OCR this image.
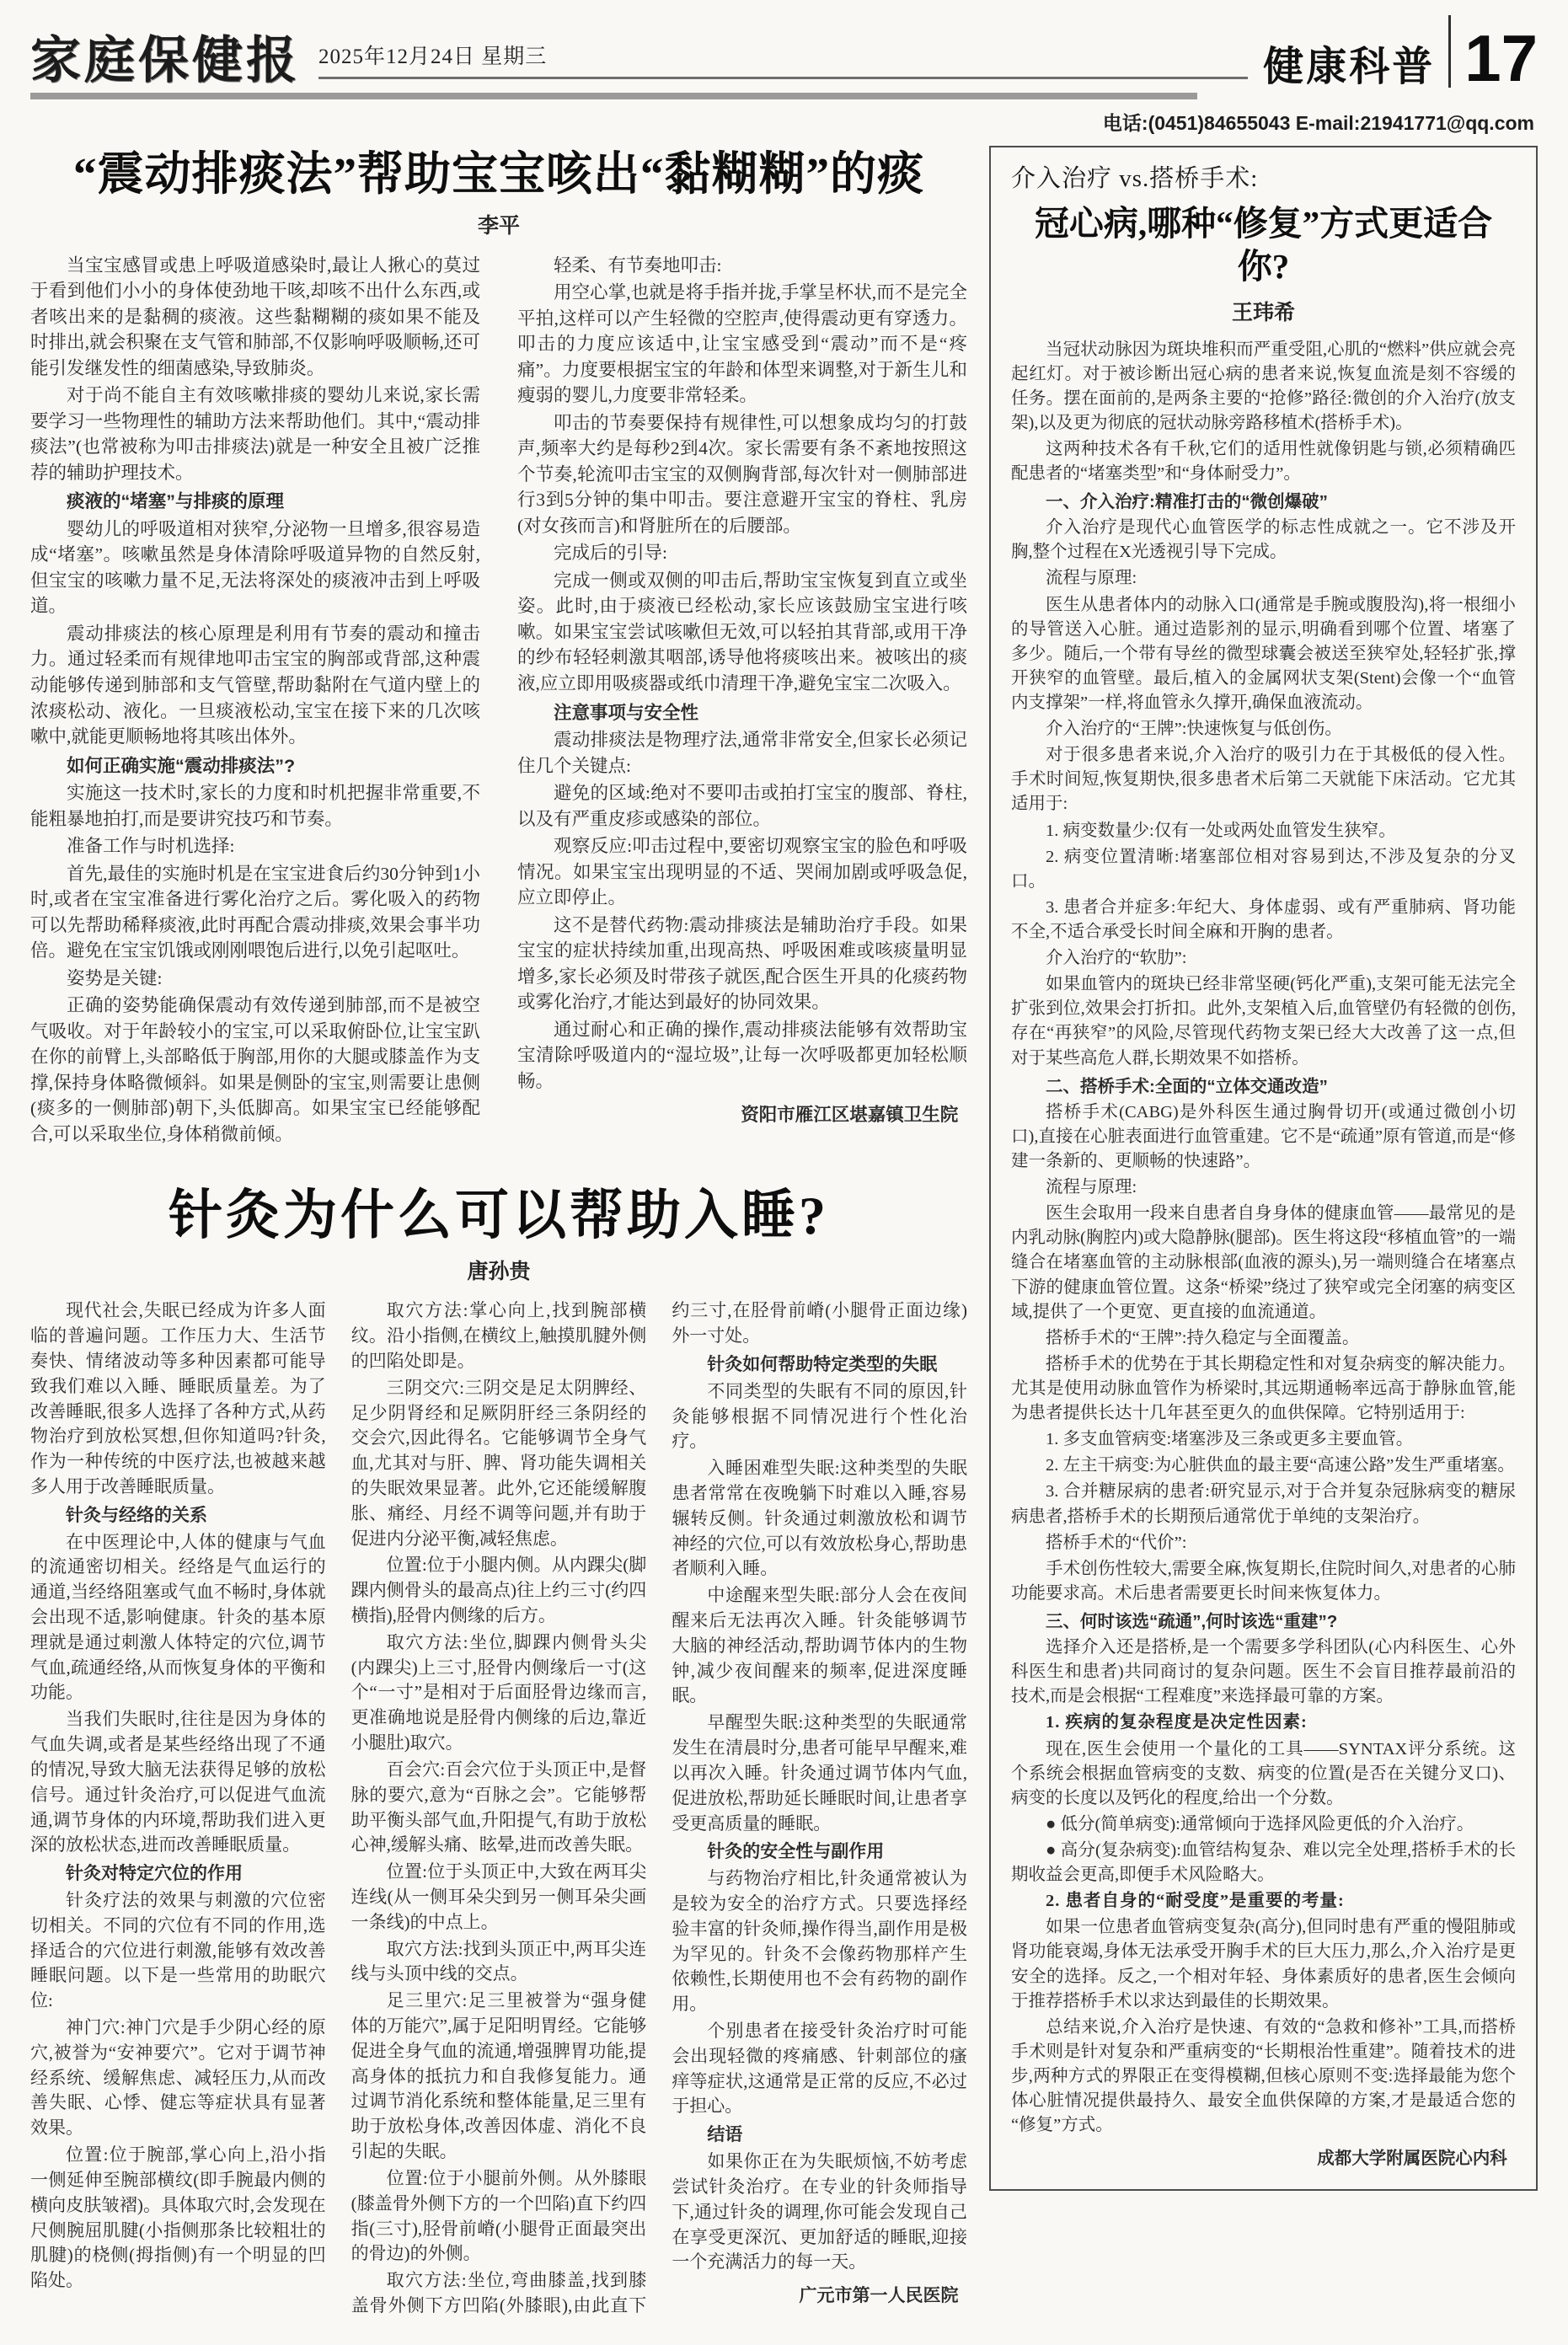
家庭保健报 2025年12月24日 星期三	健康科普 17
电话:(0451)84655043 E-mail:21941771@qq.com
“震动排痰法”帮助宝宝咳出“黏糊糊”的痰
李平

当宝宝感冒或患上呼吸道感染时,最让人揪心的莫过于看到他们小小的身体使劲地干咳,却咳不出什么东西,或者咳出来的是黏稠的痰液。这些黏糊糊的痰如果不能及时排出,就会积聚在支气管和肺部,不仅影响呼吸顺畅,还可能引发继发性的细菌感染,导致肺炎。

对于尚不能自主有效咳嗽排痰的婴幼儿来说,家长需要学习一些物理性的辅助方法来帮助他们。其中,“震动排痰法”(也常被称为叩击排痰法)就是一种安全且被广泛推荐的辅助护理技术。

痰液的“堵塞”与排痰的原理

婴幼儿的呼吸道相对狭窄,分泌物一旦增多,很容易造成“堵塞”。咳嗽虽然是身体清除呼吸道异物的自然反射,但宝宝的咳嗽力量不足,无法将深处的痰液冲击到上呼吸道。

震动排痰法的核心原理是利用有节奏的震动和撞击力。通过轻柔而有规律地叩击宝宝的胸部或背部,这种震动能够传递到肺部和支气管壁,帮助黏附在气道内壁上的浓痰松动、液化。一旦痰液松动,宝宝在接下来的几次咳嗽中,就能更顺畅地将其咳出体外。

如何正确实施“震动排痰法”?

实施这一技术时,家长的力度和时机把握非常重要,不能粗暴地拍打,而是要讲究技巧和节奏。

准备工作与时机选择:

首先,最佳的实施时机是在宝宝进食后约30分钟到1小时,或者在宝宝准备进行雾化治疗之后。雾化吸入的药物可以先帮助稀释痰液,此时再配合震动排痰,效果会事半功倍。避免在宝宝饥饿或刚刚喂饱后进行,以免引起呕吐。

姿势是关键:

正确的姿势能确保震动有效传递到肺部,而不是被空气吸收。对于年龄较小的宝宝,可以采取俯卧位,让宝宝趴在你的前臂上,头部略低于胸部,用你的大腿或膝盖作为支撑,保持身体略微倾斜。如果是侧卧的宝宝,则需要让患侧(痰多的一侧肺部)朝下,头低脚高。如果宝宝已经能够配合,可以采取坐位,身体稍微前倾。

轻柔、有节奏地叩击:

用空心掌,也就是将手指并拢,手掌呈杯状,而不是完全平拍,这样可以产生轻微的空腔声,使得震动更有穿透力。叩击的力度应该适中,让宝宝感受到“震动”而不是“疼痛”。力度要根据宝宝的年龄和体型来调整,对于新生儿和瘦弱的婴儿,力度要非常轻柔。

叩击的节奏要保持有规律性,可以想象成均匀的打鼓声,频率大约是每秒2到4次。家长需要有条不紊地按照这个节奏,轮流叩击宝宝的双侧胸背部,每次针对一侧肺部进行3到5分钟的集中叩击。要注意避开宝宝的脊柱、乳房(对女孩而言)和肾脏所在的后腰部。

完成后的引导:

完成一侧或双侧的叩击后,帮助宝宝恢复到直立或坐姿。此时,由于痰液已经松动,家长应该鼓励宝宝进行咳嗽。如果宝宝尝试咳嗽但无效,可以轻拍其背部,或用干净的纱布轻轻刺激其咽部,诱导他将痰咳出来。被咳出的痰液,应立即用吸痰器或纸巾清理干净,避免宝宝二次吸入。

注意事项与安全性

震动排痰法是物理疗法,通常非常安全,但家长必须记住几个关键点:

避免的区域:绝对不要叩击或拍打宝宝的腹部、脊柱,以及有严重皮疹或感染的部位。

观察反应:叩击过程中,要密切观察宝宝的脸色和呼吸情况。如果宝宝出现明显的不适、哭闹加剧或呼吸急促,应立即停止。

这不是替代药物:震动排痰法是辅助治疗手段。如果宝宝的症状持续加重,出现高热、呼吸困难或咳痰量明显增多,家长必须及时带孩子就医,配合医生开具的化痰药物或雾化治疗,才能达到最好的协同效果。

通过耐心和正确的操作,震动排痰法能够有效帮助宝宝清除呼吸道内的“湿垃圾”,让每一次呼吸都更加轻松顺畅。

资阳市雁江区堪嘉镇卫生院

针灸为什么可以帮助入睡?
唐孙贵

现代社会,失眠已经成为许多人面临的普遍问题。工作压力大、生活节奏快、情绪波动等多种因素都可能导致我们难以入睡、睡眠质量差。为了改善睡眠,很多人选择了各种方式,从药物治疗到放松冥想,但你知道吗?针灸,作为一种传统的中医疗法,也被越来越多人用于改善睡眠质量。

针灸与经络的关系

在中医理论中,人体的健康与气血的流通密切相关。经络是气血运行的通道,当经络阻塞或气血不畅时,身体就会出现不适,影响健康。针灸的基本原理就是通过刺激人体特定的穴位,调节气血,疏通经络,从而恢复身体的平衡和功能。

当我们失眠时,往往是因为身体的气血失调,或者是某些经络出现了不通的情况,导致大脑无法获得足够的放松信号。通过针灸治疗,可以促进气血流通,调节身体的内环境,帮助我们进入更深的放松状态,进而改善睡眠质量。

针灸对特定穴位的作用

针灸疗法的效果与刺激的穴位密切相关。不同的穴位有不同的作用,选择适合的穴位进行刺激,能够有效改善睡眠问题。以下是一些常用的助眠穴位:

神门穴:神门穴是手少阴心经的原穴,被誉为“安神要穴”。它对于调节神经系统、缓解焦虑、减轻压力,从而改善失眠、心悸、健忘等症状具有显著效果。

位置:位于腕部,掌心向上,沿小指一侧延伸至腕部横纹(即手腕最内侧的横向皮肤皱褶)。具体取穴时,会发现在尺侧腕屈肌腱(小指侧那条比较粗壮的肌腱)的桡侧(拇指侧)有一个明显的凹陷处。

取穴方法:掌心向上,找到腕部横纹。沿小指侧,在横纹上,触摸肌腱外侧的凹陷处即是。

三阴交穴:三阴交是足太阴脾经、足少阴肾经和足厥阴肝经三条阴经的交会穴,因此得名。它能够调节全身气血,尤其对与肝、脾、肾功能失调相关的失眠效果显著。此外,它还能缓解腹胀、痛经、月经不调等问题,并有助于促进内分泌平衡,减轻焦虑。

位置:位于小腿内侧。从内踝尖(脚踝内侧骨头的最高点)往上约三寸(约四横指),胫骨内侧缘的后方。

取穴方法:坐位,脚踝内侧骨头尖(内踝尖)上三寸,胫骨内侧缘后一寸(这个“一寸”是相对于后面胫骨边缘而言,更准确地说是胫骨内侧缘的后边,靠近小腿肚)取穴。

百会穴:百会穴位于头顶正中,是督脉的要穴,意为“百脉之会”。它能够帮助平衡头部气血,升阳提气,有助于放松心神,缓解头痛、眩晕,进而改善失眠。

位置:位于头顶正中,大致在两耳尖连线(从一侧耳朵尖到另一侧耳朵尖画一条线)的中点上。

取穴方法:找到头顶正中,两耳尖连线与头顶中线的交点。

足三里穴:足三里被誉为“强身健体的万能穴”,属于足阳明胃经。它能够促进全身气血的流通,增强脾胃功能,提高身体的抵抗力和自我修复能力。通过调节消化系统和整体能量,足三里有助于放松身体,改善因体虚、消化不良引起的失眠。

位置:位于小腿前外侧。从外膝眼(膝盖骨外侧下方的一个凹陷)直下约四指(三寸),胫骨前嵴(小腿骨正面最突出的骨边)的外侧。

取穴方法:坐位,弯曲膝盖,找到膝盖骨外侧下方凹陷(外膝眼),由此直下约三寸,在胫骨前嵴(小腿骨正面边缘)外一寸处。

针灸如何帮助特定类型的失眠

不同类型的失眠有不同的原因,针灸能够根据不同情况进行个性化治疗。

入睡困难型失眠:这种类型的失眠患者常常在夜晚躺下时难以入睡,容易辗转反侧。针灸通过刺激放松和调节神经的穴位,可以有效放松身心,帮助患者顺利入睡。

中途醒来型失眠:部分人会在夜间醒来后无法再次入睡。针灸能够调节大脑的神经活动,帮助调节体内的生物钟,减少夜间醒来的频率,促进深度睡眠。

早醒型失眠:这种类型的失眠通常发生在清晨时分,患者可能早早醒来,难以再次入睡。针灸通过调节体内气血,促进放松,帮助延长睡眠时间,让患者享受更高质量的睡眠。

针灸的安全性与副作用

与药物治疗相比,针灸通常被认为是较为安全的治疗方式。只要选择经验丰富的针灸师,操作得当,副作用是极为罕见的。针灸不会像药物那样产生依赖性,长期使用也不会有药物的副作用。

个别患者在接受针灸治疗时可能会出现轻微的疼痛感、针刺部位的瘙痒等症状,这通常是正常的反应,不必过于担心。

结语

如果你正在为失眠烦恼,不妨考虑尝试针灸治疗。在专业的针灸师指导下,通过针灸的调理,你可能会发现自己在享受更深沉、更加舒适的睡眠,迎接一个充满活力的每一天。

广元市第一人民医院

介入治疗 vs.搭桥手术:
冠心病,哪种“修复”方式更适合你?
王玮希

当冠状动脉因为斑块堆积而严重受阻,心肌的“燃料”供应就会亮起红灯。对于被诊断出冠心病的患者来说,恢复血流是刻不容缓的任务。摆在面前的,是两条主要的“抢修”路径:微创的介入治疗(放支架),以及更为彻底的冠状动脉旁路移植术(搭桥手术)。

这两种技术各有千秋,它们的适用性就像钥匙与锁,必须精确匹配患者的“堵塞类型”和“身体耐受力”。

一、介入治疗:精准打击的“微创爆破”

介入治疗是现代心血管医学的标志性成就之一。它不涉及开胸,整个过程在X光透视引导下完成。

流程与原理:

医生从患者体内的动脉入口(通常是手腕或腹股沟),将一根细小的导管送入心脏。通过造影剂的显示,明确看到哪个位置、堵塞了多少。随后,一个带有导丝的微型球囊会被送至狭窄处,轻轻扩张,撑开狭窄的血管壁。最后,植入的金属网状支架(Stent)会像一个“血管内支撑架”一样,将血管永久撑开,确保血液流动。

介入治疗的“王牌”:快速恢复与低创伤。

对于很多患者来说,介入治疗的吸引力在于其极低的侵入性。手术时间短,恢复期快,很多患者术后第二天就能下床活动。它尤其适用于:

1. 病变数量少:仅有一处或两处血管发生狭窄。

2. 病变位置清晰:堵塞部位相对容易到达,不涉及复杂的分叉口。

3. 患者合并症多:年纪大、身体虚弱、或有严重肺病、肾功能不全,不适合承受长时间全麻和开胸的患者。

介入治疗的“软肋”:

如果血管内的斑块已经非常坚硬(钙化严重),支架可能无法完全扩张到位,效果会打折扣。此外,支架植入后,血管壁仍有轻微的创伤,存在“再狭窄”的风险,尽管现代药物支架已经大大改善了这一点,但对于某些高危人群,长期效果不如搭桥。

二、搭桥手术:全面的“立体交通改造”

搭桥手术(CABG)是外科医生通过胸骨切开(或通过微创小切口),直接在心脏表面进行血管重建。它不是“疏通”原有管道,而是“修建一条新的、更顺畅的快速路”。

流程与原理:

医生会取用一段来自患者自身身体的健康血管——最常见的是内乳动脉(胸腔内)或大隐静脉(腿部)。医生将这段“移植血管”的一端缝合在堵塞血管的主动脉根部(血液的源头),另一端则缝合在堵塞点下游的健康血管位置。这条“桥梁”绕过了狭窄或完全闭塞的病变区域,提供了一个更宽、更直接的血流通道。

搭桥手术的“王牌”:持久稳定与全面覆盖。

搭桥手术的优势在于其长期稳定性和对复杂病变的解决能力。尤其是使用动脉血管作为桥梁时,其远期通畅率远高于静脉血管,能为患者提供长达十几年甚至更久的血供保障。它特别适用于:

1. 多支血管病变:堵塞涉及三条或更多主要血管。

2. 左主干病变:为心脏供血的最主要“高速公路”发生严重堵塞。

3. 合并糖尿病的患者:研究显示,对于合并复杂冠脉病变的糖尿病患者,搭桥手术的长期预后通常优于单纯的支架治疗。

搭桥手术的“代价”:

手术创伤性较大,需要全麻,恢复期长,住院时间久,对患者的心肺功能要求高。术后患者需要更长时间来恢复体力。

三、何时该选“疏通”,何时该选“重建”?

选择介入还是搭桥,是一个需要多学科团队(心内科医生、心外科医生和患者)共同商讨的复杂问题。医生不会盲目推荐最前沿的技术,而是会根据“工程难度”来选择最可靠的方案。

1. 疾病的复杂程度是决定性因素:

现在,医生会使用一个量化的工具——SYNTAX评分系统。这个系统会根据血管病变的支数、病变的位置(是否在关键分叉口)、病变的长度以及钙化的程度,给出一个分数。

● 低分(简单病变):通常倾向于选择风险更低的介入治疗。

● 高分(复杂病变):血管结构复杂、难以完全处理,搭桥手术的长期收益会更高,即便手术风险略大。

2. 患者自身的“耐受度”是重要的考量:

如果一位患者血管病变复杂(高分),但同时患有严重的慢阻肺或肾功能衰竭,身体无法承受开胸手术的巨大压力,那么,介入治疗是更安全的选择。反之,一个相对年轻、身体素质好的患者,医生会倾向于推荐搭桥手术以求达到最佳的长期效果。

总结来说,介入治疗是快速、有效的“急救和修补”工具,而搭桥手术则是针对复杂和严重病变的“长期根治性重建”。随着技术的进步,两种方式的界限正在变得模糊,但核心原则不变:选择最能为您个体心脏情况提供最持久、最安全血供保障的方案,才是最适合您的“修复”方式。

成都大学附属医院心内科
